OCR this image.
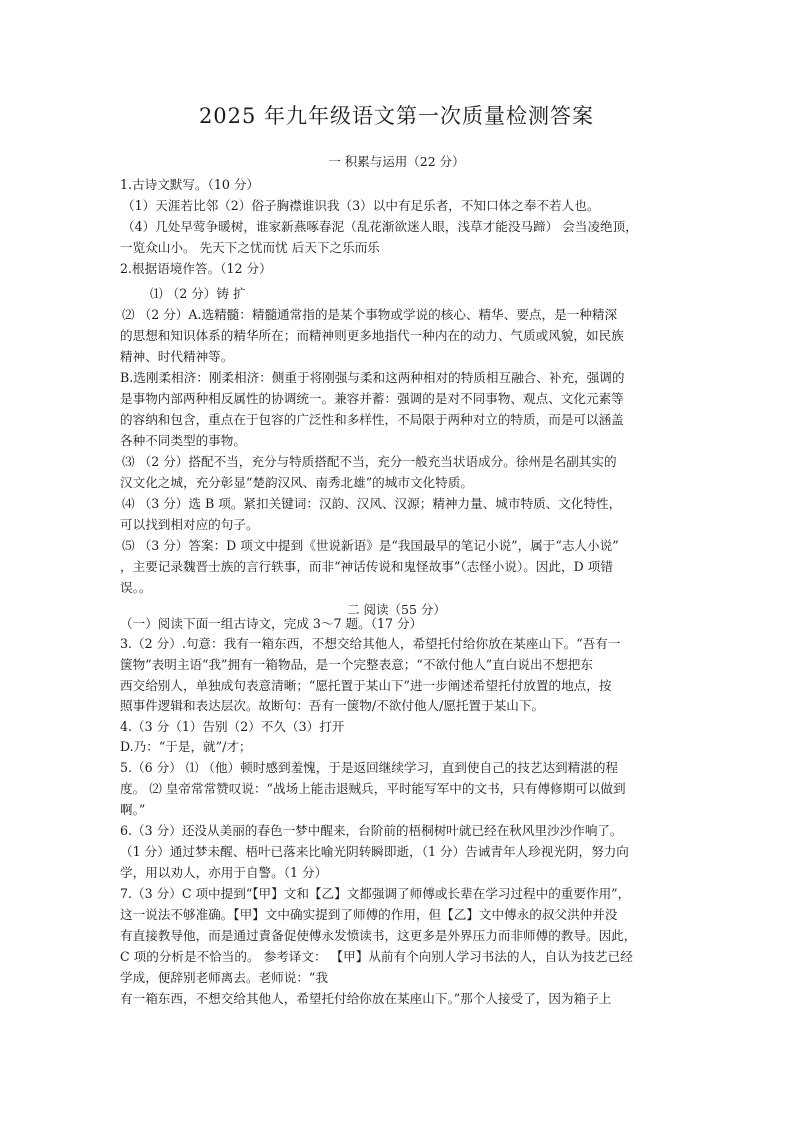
2025 年九年级语文第一次质量检测答案
一 积累与运用（22 分）
1.古诗文默写。（10 分）
（1）天涯若比邻（2）俗子胸襟谁识我（3）以中有足乐者，不知口体之奉不若人也。
（4）几处早莺争暖树，谁家新燕啄春泥（乱花渐欲迷人眼，浅草才能没马蹄） 会当凌绝顶，
一览众山小。 先天下之忧而忧 后天下之乐而乐
2.根据语境作答。（12 分）
⑴ （2 分）铸 扩
⑵ （2 分）A.选精髓：精髓通常指的是某个事物或学说的核心、精华、要点，是一种精深
的思想和知识体系的精华所在；而精神则更多地指代一种内在的动力、气质或风貌，如民族
精神、时代精神等。
B.选刚柔相济：刚柔相济：侧重于将刚强与柔和这两种相对的特质相互融合、补充，强调的
是事物内部两种相反属性的协调统一。兼容并蓄：强调的是对不同事物、观点、文化元素等
的容纳和包含，重点在于包容的广泛性和多样性，不局限于两种对立的特质，而是可以涵盖
各种不同类型的事物。
⑶ （2 分）搭配不当，充分与特质搭配不当，充分一般充当状语成分。徐州是名副其实的
汉文化之城，充分彰显“楚韵汉风、南秀北雄”的城市文化特质。
⑷ （3 分）选 B 项。紧扣关键词：汉韵、汉风、汉源；精神力量、城市特质、文化特性，
可以找到相对应的句子。
⑸ （3 分）答案：D 项文中提到《世说新语》是“我国最早的笔记小说”，属于“志人小说”
，主要记录魏晋士族的言行轶事，而非“神话传说和鬼怪故事”（志怪小说）。因此，D 项错
误。。
二 阅读（55 分）
（一）阅读下面一组古诗文，完成 3～7 题。（17 分）
3.（2 分）.句意：我有一箱东西，不想交给其他人，希望托付给你放在某座山下。“吾有一
箧物”表明主语“我”拥有一箱物品，是一个完整表意；“不欲付他人”直白说出不想把东
西交给别人，单独成句表意清晰；“愿托置于某山下”进一步阐述希望托付放置的地点，按
照事件逻辑和表达层次。故断句：吾有一箧物/不欲付他人/愿托置于某山下。
4.（3 分（1）告别（2）不久（3）打开
D.乃：“于是，就”/才；
5.（6 分） ⑴ （他）顿时感到羞愧，于是返回继续学习，直到使自己的技艺达到精湛的程
度。 ⑵ 皇帝常常赞叹说：“战场上能击退贼兵，平时能写军中的文书，只有傅修期可以做到
啊。”
6.（3 分）还没从美丽的春色一梦中醒来，台阶前的梧桐树叶就已经在秋风里沙沙作响了。
（1 分）通过梦未醒、梧叶已落来比喻光阴转瞬即逝，（1 分）告诫青年人珍视光阴，努力向
学，用以劝人，亦用于自警。（1 分）
7.（3 分）C 项中提到“【甲】文和【乙】文都强调了师傅或长辈在学习过程中的重要作用”，
这一说法不够准确。【甲】文中确实提到了师傅的作用，但【乙】文中傅永的叔父洪仲并没
有直接教导他，而是通过責备促使傅永发愤读书，这更多是外界压力而非师傅的教导。因此，
C 项的分析是不恰当的。 参考译文： 【甲】从前有个向别人学习书法的人，自认为技艺已经
学成，便辞别老师离去。老师说：“我
有一箱东西，不想交给其他人，希望托付给你放在某座山下。”那个人接受了，因为箱子上
